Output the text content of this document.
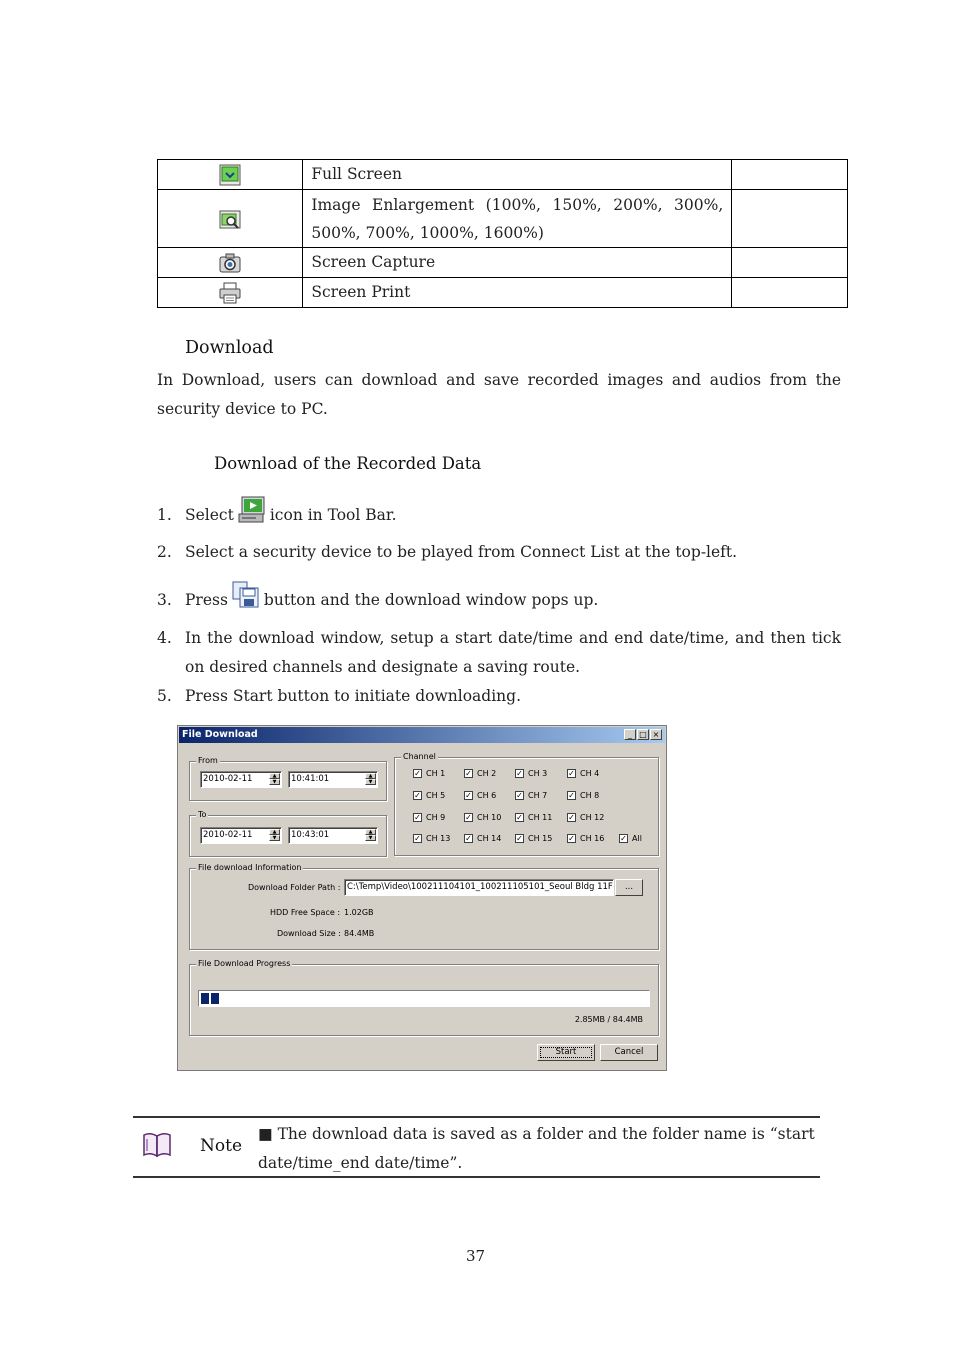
	Full Screen	
	Image Enlargement (100%, 150%, 200%, 300%, 500%, 700%, 1000%, 1600%)	
	Screen Capture	
	Screen Print	
Download
In Download, users can download and save recorded images and audios from the security device to PC.
Download of the Recorded Data
1. Select icon in Tool Bar.
2. Select a security device to be played from Connect List at the top-left.
3. Press button and the download window pops up.
4. In the download window, setup a start date/time and end date/time, and then tick on desired channels and designate a saving route.
5. Press Start button to initiate downloading.
File Download	_ □ ×
From
2010-02-11	▲
▼	10:41:01	▲
▼
To
2010-02-11	▲
▼	10:43:01	▲
▼
Channel
✓ CH 1 ✓ CH 2 ✓ CH 3	✓ CH 4
✓ CH 5 ✓ CH 6 ✓ CH 7	✓ CH 8
✓ CH 9 ✓ CH 10 ✓ CH 11 ✓ CH 12
✓ CH 13 ✓ CH 14 ✓ CH 15 ✓ CH 16 ✓ All
File download Information
Download Folder Path : C:\Temp\Video\100211104101_100211105101_Seoul Bldg 11F	...
HDD Free Space : 1.02GB
Download Size : 84.4MB
File Download Progress
2.85MB / 84.4MB
Start	Cancel
Note
■ The download data is saved as a folder and the folder name is “start date/time_end date/time”.
37
